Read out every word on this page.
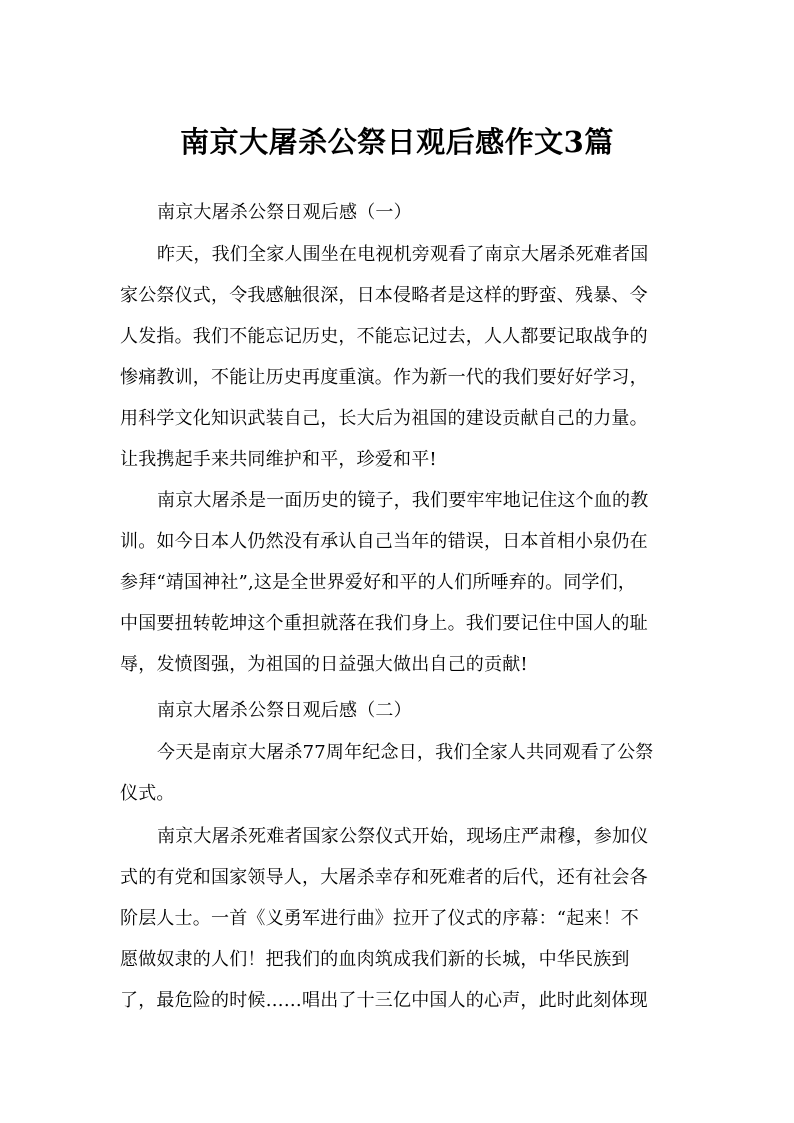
南京大屠杀公祭日观后感作文3篇
南京大屠杀公祭日观后感（一）
昨天，我们全家人围坐在电视机旁观看了南京大屠杀死难者国
家公祭仪式，令我感触很深，日本侵略者是这样的野蛮、残暴、令
人发指。我们不能忘记历史，不能忘记过去，人人都要记取战争的
惨痛教训，不能让历史再度重演。作为新一代的我们要好好学习，
用科学文化知识武装自己，长大后为祖国的建设贡献自己的力量。
让我携起手来共同维护和平，珍爱和平!
南京大屠杀是一面历史的镜子，我们要牢牢地记住这个血的教
训。如今日本人仍然没有承认自己当年的错误，日本首相小泉仍在
参拜“靖国神社”,这是全世界爱好和平的人们所唾弃的。同学们，
中国要扭转乾坤这个重担就落在我们身上。我们要记住中国人的耻
辱，发愤图强，为祖国的日益强大做出自己的贡献!
南京大屠杀公祭日观后感（二）
今天是南京大屠杀77周年纪念日，我们全家人共同观看了公祭
仪式。
南京大屠杀死难者国家公祭仪式开始，现场庄严肃穆，参加仪
式的有党和国家领导人，大屠杀幸存和死难者的后代，还有社会各
阶层人士。一首《义勇军进行曲》拉开了仪式的序幕：“起来！不
愿做奴隶的人们！把我们的血肉筑成我们新的长城，中华民族到
了，最危险的时候……唱出了十三亿中国人的心声，此时此刻体现
